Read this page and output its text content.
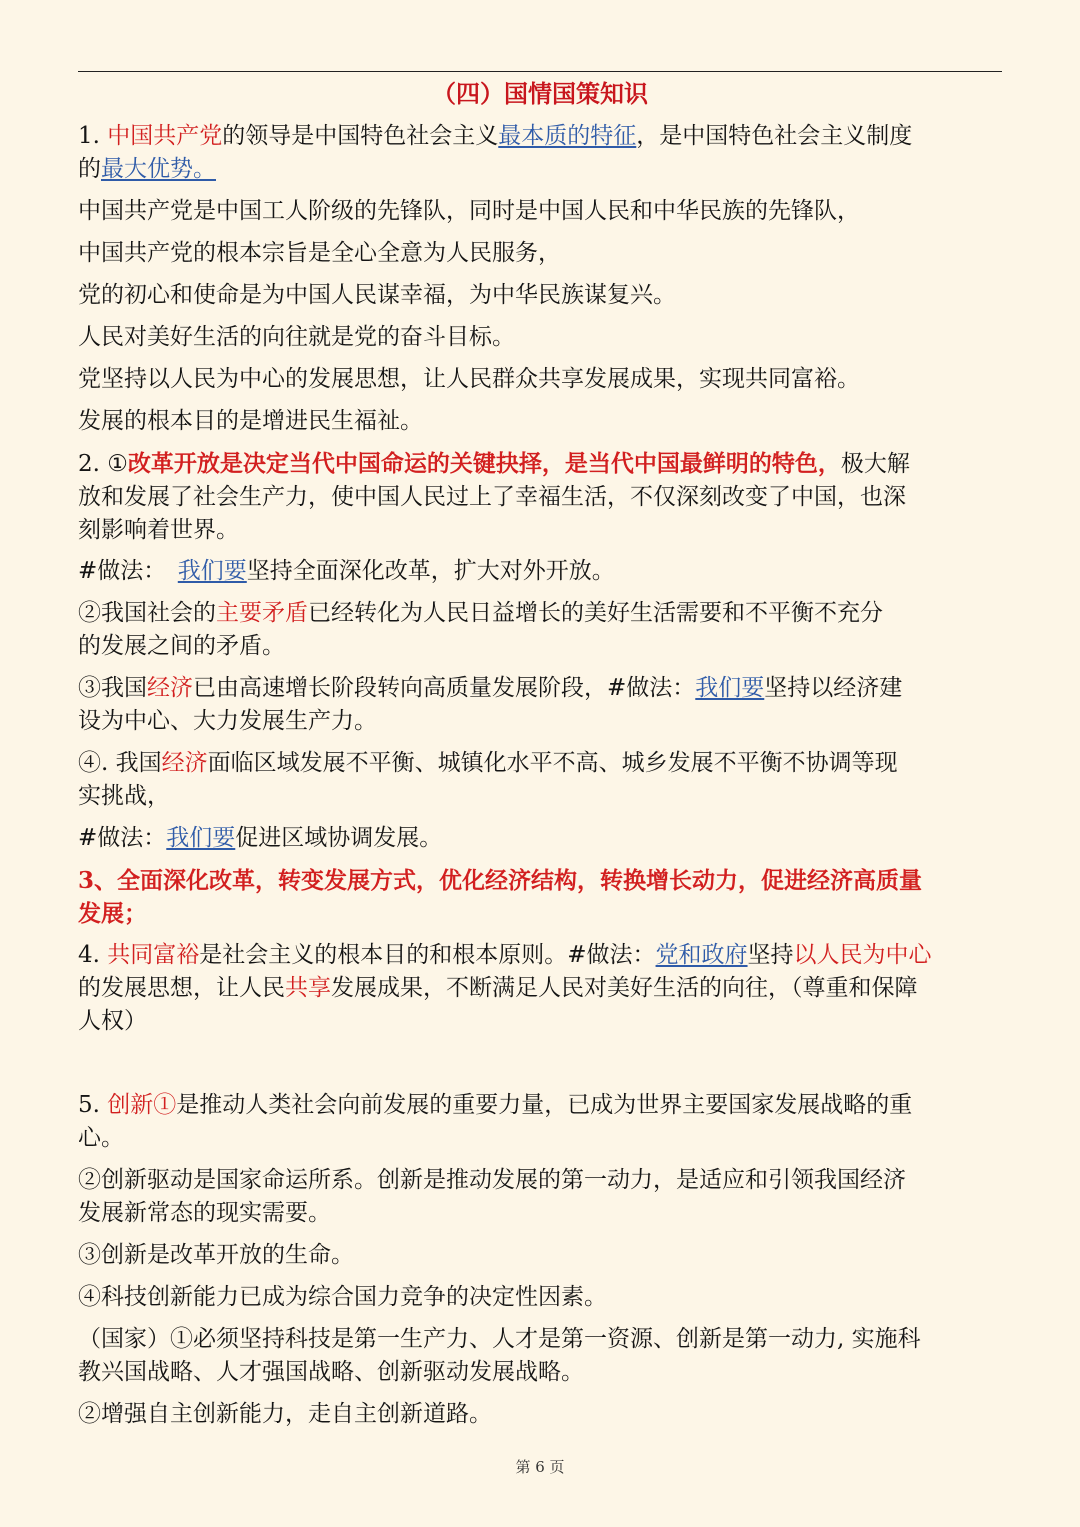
（四）国情国策知识
1. 中国共产党的领导是中国特色社会主义最本质的特征，是中国特色社会主义制度
的最大优势。
中国共产党是中国工人阶级的先锋队，同时是中国人民和中华民族的先锋队，
中国共产党的根本宗旨是全心全意为人民服务，
党的初心和使命是为中国人民谋幸福，为中华民族谋复兴。
人民对美好生活的向往就是党的奋斗目标。
党坚持以人民为中心的发展思想，让人民群众共享发展成果，实现共同富裕。
发展的根本目的是增进民生福祉。
2. ①改革开放是决定当代中国命运的关键抉择，是当代中国最鲜明的特色，极大解
放和发展了社会生产力，使中国人民过上了幸福生活，不仅深刻改变了中国，也深
刻影响着世界。
#做法：　我们要坚持全面深化改革，扩大对外开放。
②我国社会的主要矛盾已经转化为人民日益增长的美好生活需要和不平衡不充分
的发展之间的矛盾。
③我国经济已由高速增长阶段转向高质量发展阶段，#做法：我们要坚持以经济建
设为中心、大力发展生产力。
④. 我国经济面临区域发展不平衡、城镇化水平不高、城乡发展不平衡不协调等现
实挑战，
#做法：我们要促进区域协调发展。
3、全面深化改革，转变发展方式，优化经济结构，转换增长动力，促进经济高质量
发展；
4. 共同富裕是社会主义的根本目的和根本原则。#做法：党和政府坚持以人民为中心
的发展思想，让人民共享发展成果，不断满足人民对美好生活的向往，（尊重和保障
人权）
5. 创新①是推动人类社会向前发展的重要力量，已成为世界主要国家发展战略的重
心。
②创新驱动是国家命运所系。创新是推动发展的第一动力，是适应和引领我国经济
发展新常态的现实需要。
③创新是改革开放的生命。
④科技创新能力已成为综合国力竞争的决定性因素。
（国家）①必须坚持科技是第一生产力、人才是第一资源、创新是第一动力, 实施科
教兴国战略、人才强国战略、创新驱动发展战略。
②增强自主创新能力，走自主创新道路。
第 6 页
